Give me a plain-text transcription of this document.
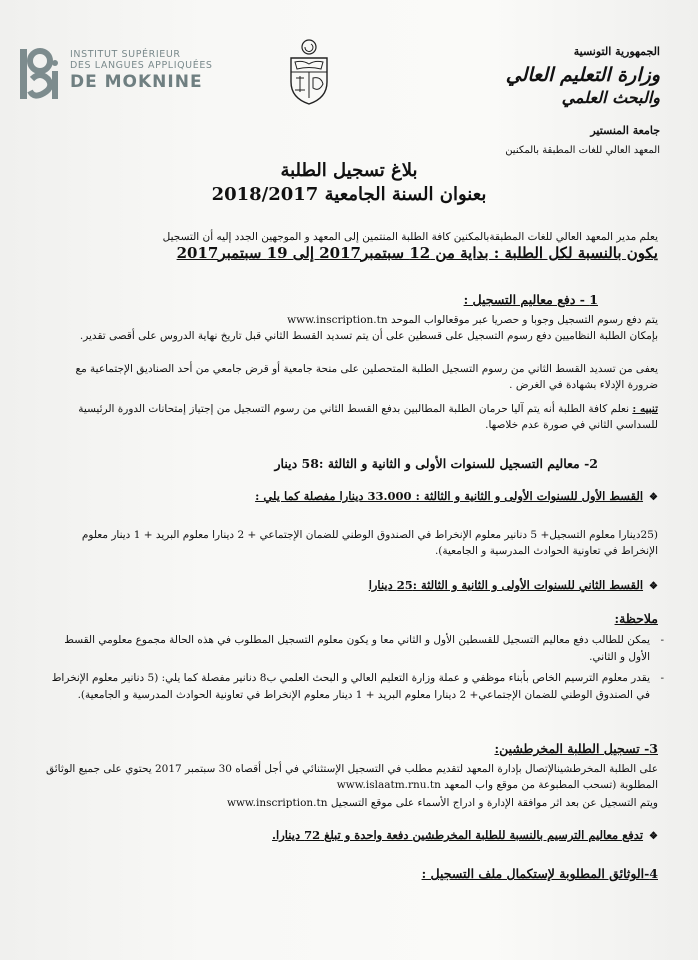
INSTITUT SUPÉRIEUR
DES LANGUES APPLIQUÉES
DE MOKNINE
الجمهورية التونسية
وزارة التعليم العالي
والبحث العلمي
جامعة المنستير
المعهد العالي للغات المطبقة بالمكنين
بلاغ تسجيل الطلبة
بعنوان السنة الجامعية 2018/2017
يعلم مدير المعهد العالي للغات المطبقةبالمكنين كافة الطلبة المنتمين إلى المعهد و الموجهين الجدد إليه أن التسجيل
يكون بالنسبة لكل الطلبة : بداية من 12 سبتمبر2017 إلى 19 سبتمبر2017
1 - دفع معاليم التسجيل :
يتم دفع رسوم التسجيل وجوبا و حصريا عبر موقعالواب الموحد www.inscription.tn
بإمكان الطلبة النظاميين دفع رسوم التسجيل على قسطين على أن يتم تسديد القسط الثاني قبل تاريخ نهاية الدروس على أقصى تقدير.
يعفى من تسديد القسط الثاني من رسوم التسجيل الطلبة المتحصلين على منحة جامعية أو قرض جامعي من أحد الصناديق الإجتماعية مع ضرورة الإدلاء بشهادة في الغرض .
تنبيه : نعلم كافة الطلبة أنه يتم آليا حرمان الطلبة المطالبين بدفع القسط الثاني من رسوم التسجيل من إجتياز إمتحانات الدورة الرئيسية للسداسي الثاني في صورة عدم خلاصها.
2- معاليم التسجيل للسنوات الأولى و الثانية و الثالثة :58 دينار
❖القسط الأول للسنوات الأولى و الثانية و الثالثة : 33.000 دينارا مفصلة كما يلي :
(25دينارا معلوم التسجيل+ 5 دنانير معلوم الإنخراط في الصندوق الوطني للضمان الإجتماعي + 2 دينارا معلوم البريد + 1 دينار معلوم الإنخراط في تعاونية الحوادث المدرسية و الجامعية).
❖القسط الثاني للسنوات الأولى و الثانية و الثالثة :25 دينارا
ملاحظة:
-
يمكن للطالب دفع معاليم التسجيل للقسطين الأول و الثاني معا و يكون معلوم التسجيل المطلوب في هذه الحالة مجموع معلومي القسط الأول و الثاني.
-
يقدر معلوم الترسيم الخاص بأبناء موظفي و عملة وزارة التعليم العالي و البحث العلمي ب8 دنانير مفصلة كما يلي: (5 دنانير معلوم الإنخراط في الصندوق الوطني للضمان الإجتماعي+ 2 دينارا معلوم البريد + 1 دينار معلوم الإنخراط في تعاونية الحوادث المدرسية و الجامعية).
3- تسجيل الطلبة المخرطشين:
على الطلبة المخرطشينالإتصال بإدارة المعهد لتقديم مطلب في التسجيل الإستثنائي في أجل أقصاه 30 سبتمبر 2017 يحتوي على جميع الوثائق المطلوبة (تسحب المطبوعة من موقع واب المعهد www.islaatm.rnu.tn
ويتم التسجيل عن بعد اثر موافقة الإدارة و ادراج الأسماء على موقع التسجيل www.inscription.tn
❖تدفع معاليم الترسيم بالنسبة للطلبة المخرطشين دفعة واحدة و تبلغ 72 دينارا.
4-الوثائق المطلوبة لإستكمال ملف التسجيل :
